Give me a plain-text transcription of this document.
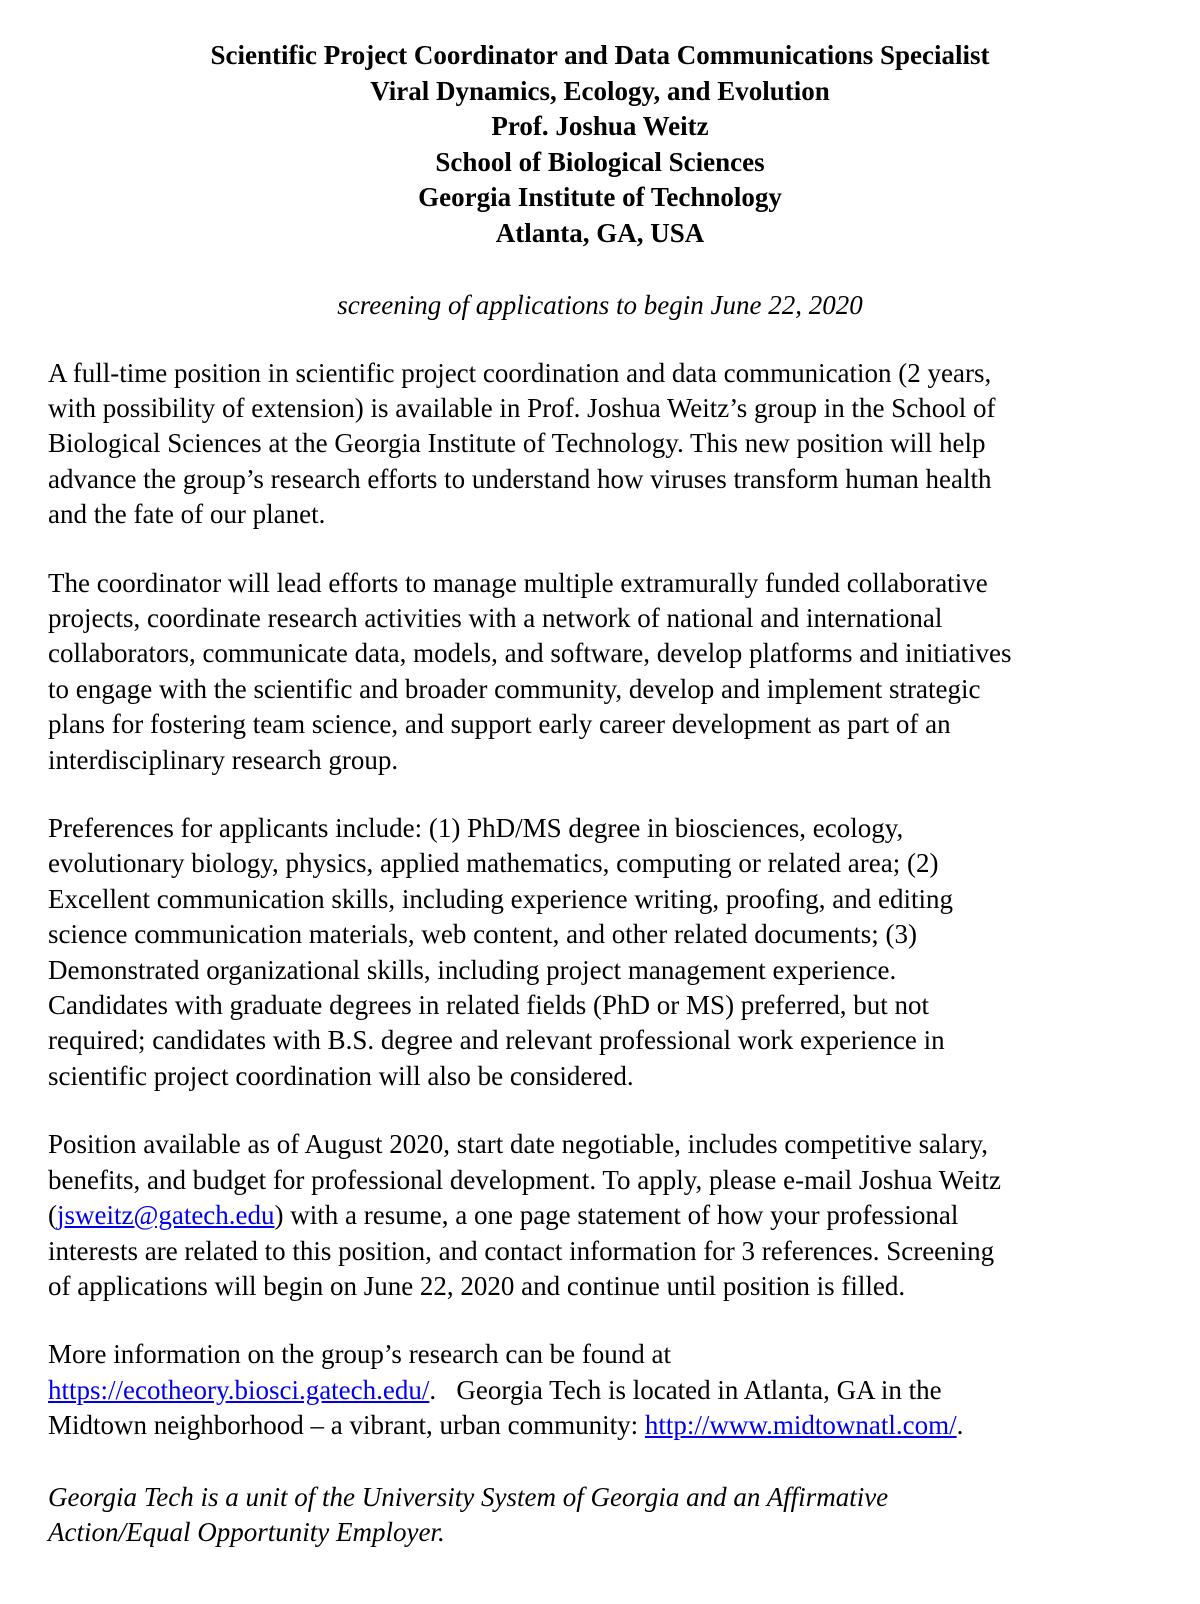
Scientific Project Coordinator and Data Communications Specialist
Viral Dynamics, Ecology, and Evolution
Prof. Joshua Weitz
School of Biological Sciences
Georgia Institute of Technology
Atlanta, GA, USA

screening of applications to begin June 22, 2020

A full-time position in scientific project coordination and data communication (2 years,
with possibility of extension) is available in Prof. Joshua Weitz’s group in the School of
Biological Sciences at the Georgia Institute of Technology. This new position will help
advance the group’s research efforts to understand how viruses transform human health
and the fate of our planet.

The coordinator will lead efforts to manage multiple extramurally funded collaborative
projects, coordinate research activities with a network of national and international
collaborators, communicate data, models, and software, develop platforms and initiatives
to engage with the scientific and broader community, develop and implement strategic
plans for fostering team science, and support early career development as part of an
interdisciplinary research group.

Preferences for applicants include: (1) PhD/MS degree in biosciences, ecology,
evolutionary biology, physics, applied mathematics, computing or related area; (2)
Excellent communication skills, including experience writing, proofing, and editing
science communication materials, web content, and other related documents; (3)
Demonstrated organizational skills, including project management experience.
Candidates with graduate degrees in related fields (PhD or MS) preferred, but not
required; candidates with B.S. degree and relevant professional work experience in
scientific project coordination will also be considered.

Position available as of August 2020, start date negotiable, includes competitive salary,
benefits, and budget for professional development. To apply, please e-mail Joshua Weitz
(jsweitz@gatech.edu) with a resume, a one page statement of how your professional
interests are related to this position, and contact information for 3 references. Screening
of applications will begin on June 22, 2020 and continue until position is filled.

More information on the group’s research can be found at
https://ecotheory.biosci.gatech.edu/.   Georgia Tech is located in Atlanta, GA in the
Midtown neighborhood – a vibrant, urban community: http://www.midtownatl.com/.

Georgia Tech is a unit of the University System of Georgia and an Affirmative
Action/Equal Opportunity Employer.
